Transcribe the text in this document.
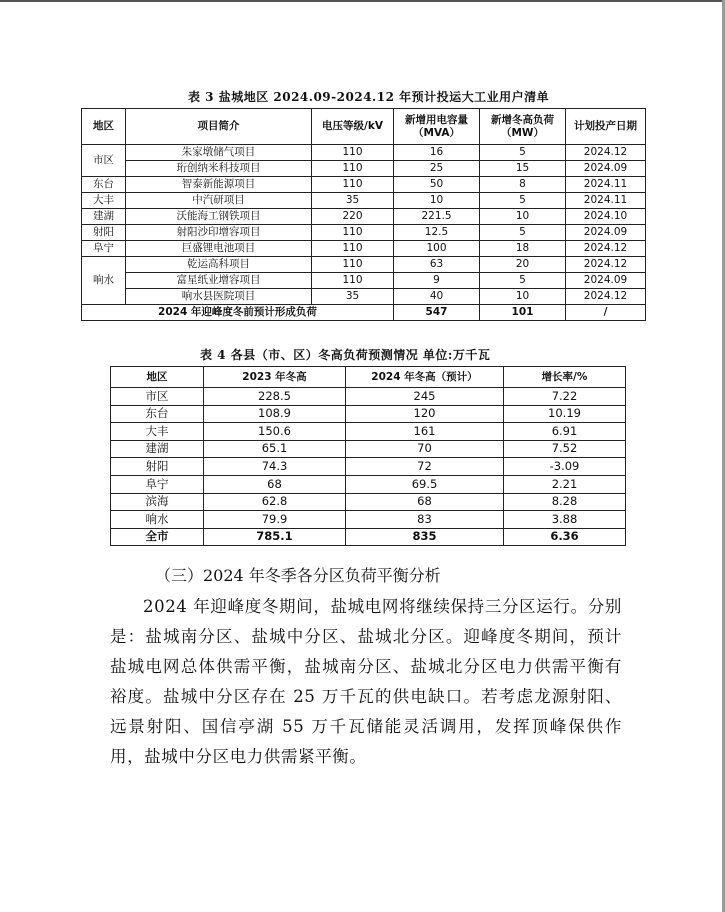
表 3 盐城地区 2024.09-2024.12 年预计投运大工业用户清单
地区	项目简介	电压等级/kV	新增用电容量（MVA）	新增冬高负荷（MW）	计划投产日期
市区	朱家墩储气项目	110	16	5	2024.12
	珩创纳米科技项目	110	25	15	2024.09
东台	智泰新能源项目	110	50	8	2024.11
大丰	中汽研项目	35	10	5	2024.11
建湖	沃能海工钢铁项目	220	221.5	10	2024.10
射阳	射阳沙印增容项目	110	12.5	5	2024.09
阜宁	巨盛锂电池项目	110	100	18	2024.12
响水	乾运高科项目	110	63	20	2024.12
	富星纸业增容项目	110	9	5	2024.09
	响水县医院项目	35	40	10	2024.12
2024 年迎峰度冬前预计形成负荷			547	101	/
表 4 各县（市、区）冬高负荷预测情况 单位:万千瓦
地区	2023 年冬高	2024 年冬高（预计）	增长率/%
市区	228.5	245	7.22
东台	108.9	120	10.19
大丰	150.6	161	6.91
建湖	65.1	70	7.52
射阳	74.3	72	-3.09
阜宁	68	69.5	2.21
滨海	62.8	68	8.28
响水	79.9	83	3.88
全市	785.1	835	6.36
（三）2024 年冬季各分区负荷平衡分析

2024 年迎峰度冬期间，盐城电网将继续保持三分区运行。分别是：盐城南分区、盐城中分区、盐城北分区。迎峰度冬期间，预计盐城电网总体供需平衡，盐城南分区、盐城北分区电力供需平衡有裕度。盐城中分区存在 25 万千瓦的供电缺口。若考虑龙源射阳、远景射阳、国信亭湖 55 万千瓦储能灵活调用，发挥顶峰保供作用，盐城中分区电力供需紧平衡。
